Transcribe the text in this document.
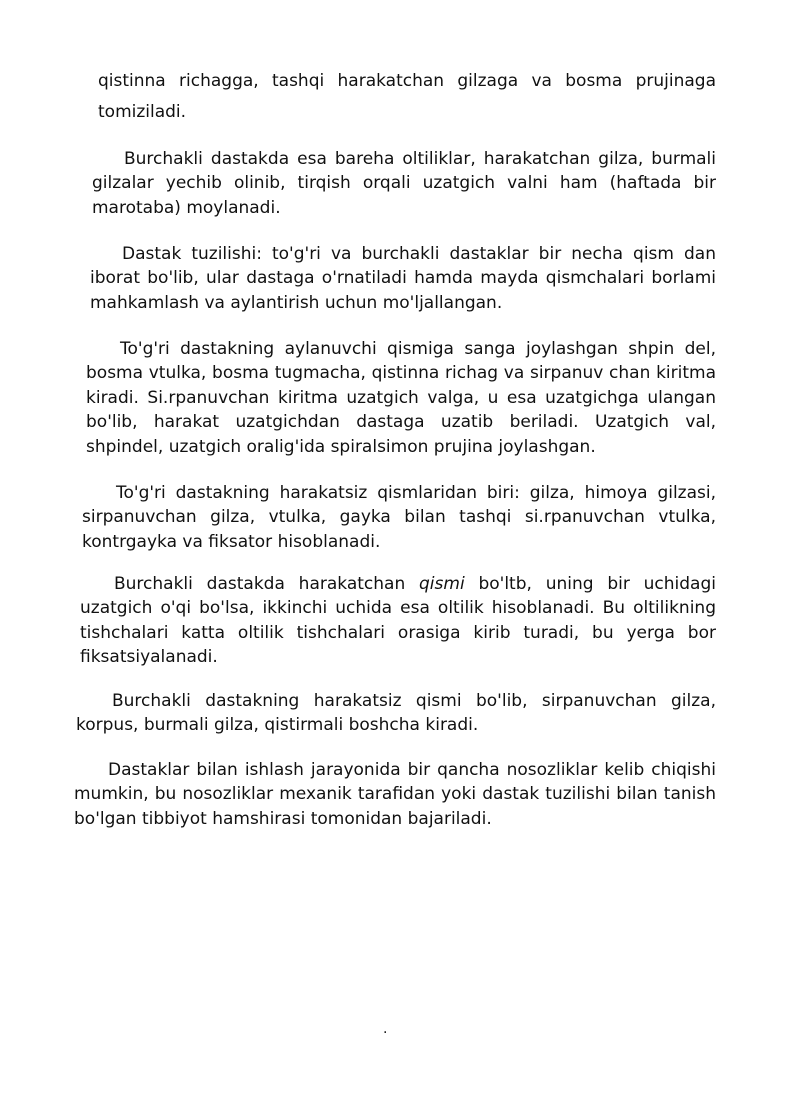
qistinna richagga, tashqi harakatchan gilzaga va bosma prujinaga tomiziladi.

Burchakli dastakda esa bareha oltiliklar, harakatchan gilza, burmali gilzalar yechib olinib, tirqish orqali uzatgich valni ham (haftada bir marotaba) moylanadi.

Dastak tuzilishi: to'g'ri va burchakli dastaklar bir necha qism dan iborat bo'lib, ular dastaga o'rnatiladi hamda mayda qismchalari borlami mahkamlash va aylantirish uchun mo'ljallangan.

To'g'ri dastakning aylanuvchi qismiga sanga joylashgan shpin del, bosma vtulka, bosma tugmacha, qistinna richag va sirpanuv chan kiritma kiradi. Si.rpanuvchan kiritma uzatgich valga, u esa uzatgichga ulangan bo'lib, harakat uzatgichdan dastaga uzatib beriladi. Uzatgich val, shpindel, uzatgich oralig'ida spiralsimon prujina joylashgan.

To'g'ri dastakning harakatsiz qismlaridan biri: gilza, himoya gilzasi, sirpanuvchan gilza, vtulka, gayka bilan tashqi si.rpanuvchan vtulka, kontrgayka va fiksator hisoblanadi.

Burchakli dastakda harakatchan qismi bo'ltb, uning bir uchidagi uzatgich o'qi bo'lsa, ikkinchi uchida esa oltilik hisoblanadi. Bu oltilikning tishchalari katta oltilik tishchalari orasiga kirib turadi, bu yerga bor fiksatsiyalanadi.

Burchakli dastakning harakatsiz qismi bo'lib, sirpanuvchan gilza, korpus, burmali gilza, qistirmali boshcha kiradi.

Dastaklar bilan ishlash jarayonida bir qancha nosozliklar kelib chiqishi mumkin, bu nosozliklar mexanik tarafidan yoki dastak tuzilishi bilan tanish bo'lgan tibbiyot hamshirasi tomonidan bajariladi.

.
